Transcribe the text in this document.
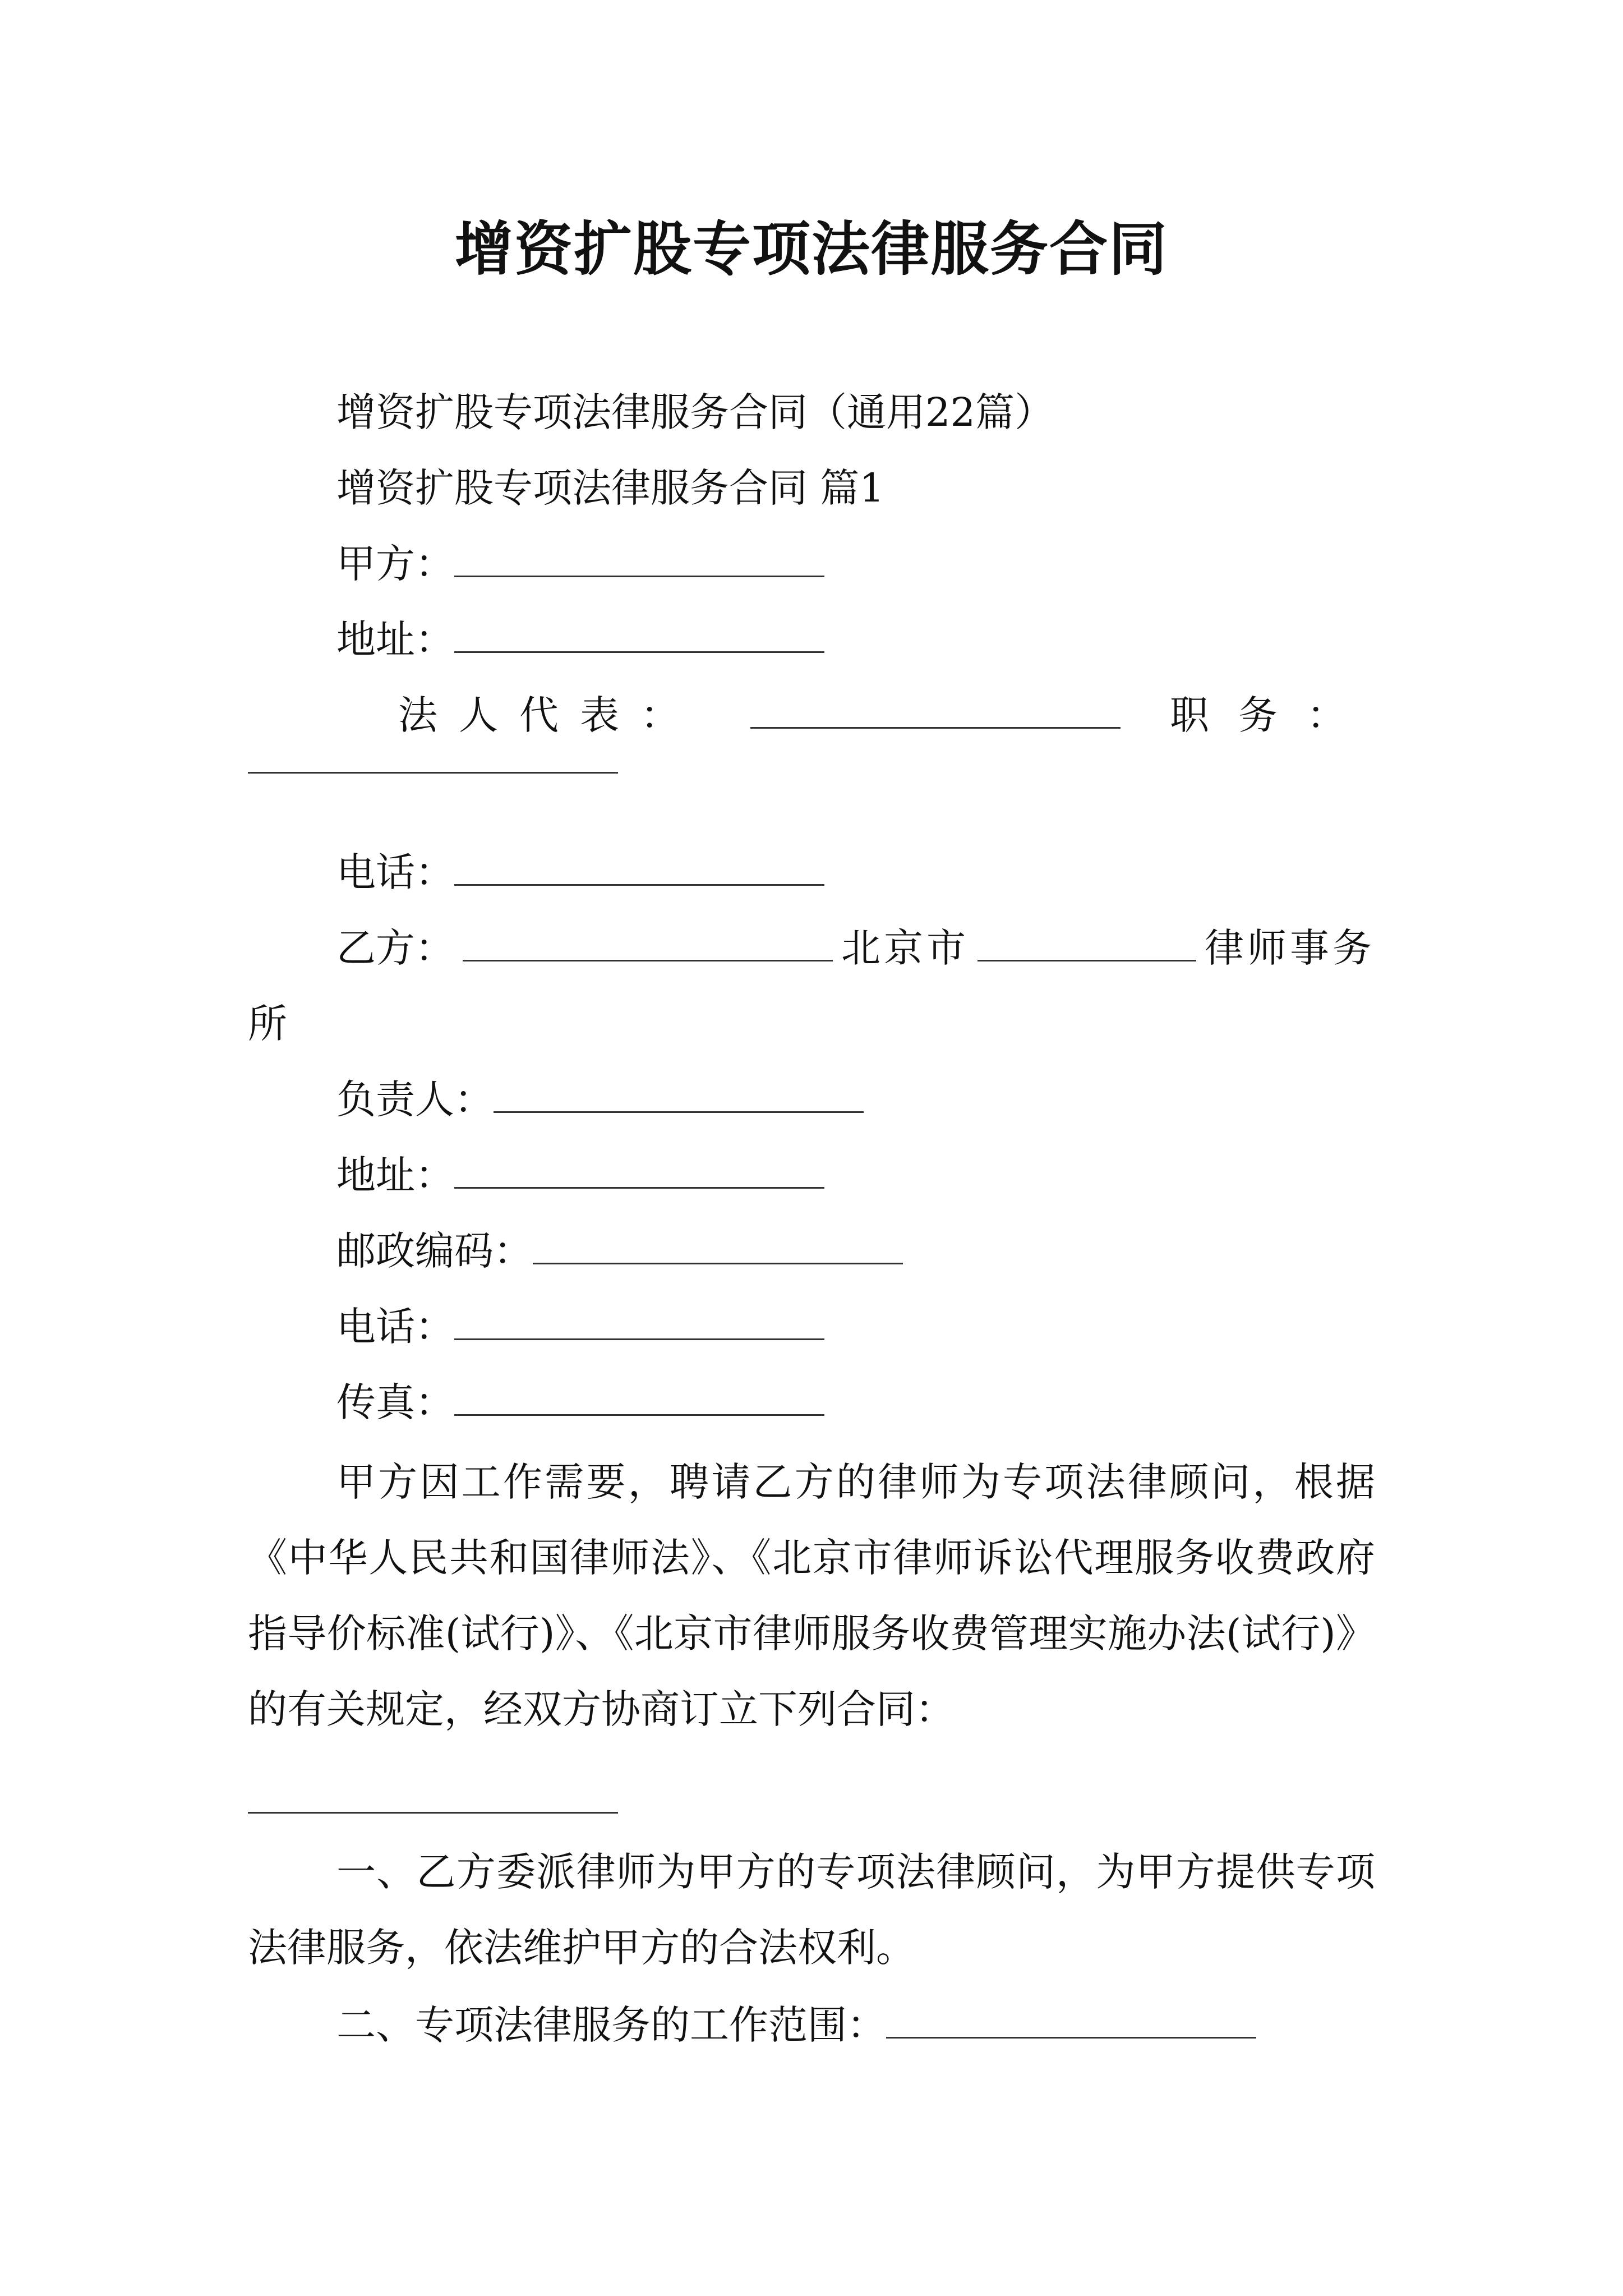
增资扩股专项法律服务合同
增资扩股专项法律服务合同（通用22篇）
增资扩股专项法律服务合同 篇1
甲方：
地址：
法人代表：	职务：
电话：
乙方：	北京市	律师事务
所
负责人：
地址：
邮政编码：
电话：
传真：
甲方因工作需要，聘请乙方的律师为专项法律顾问，根据《中华人民共和国律师法》、《北京市律师诉讼代理服务收费政府指导价标准(试行)》、《北京市律师服务收费管理实施办法(试行)》的有关规定，经双方协商订立下列合同：
一、乙方委派律师为甲方的专项法律顾问，为甲方提供专项法律服务，依法维护甲方的合法权利。
二、专项法律服务的工作范围：
